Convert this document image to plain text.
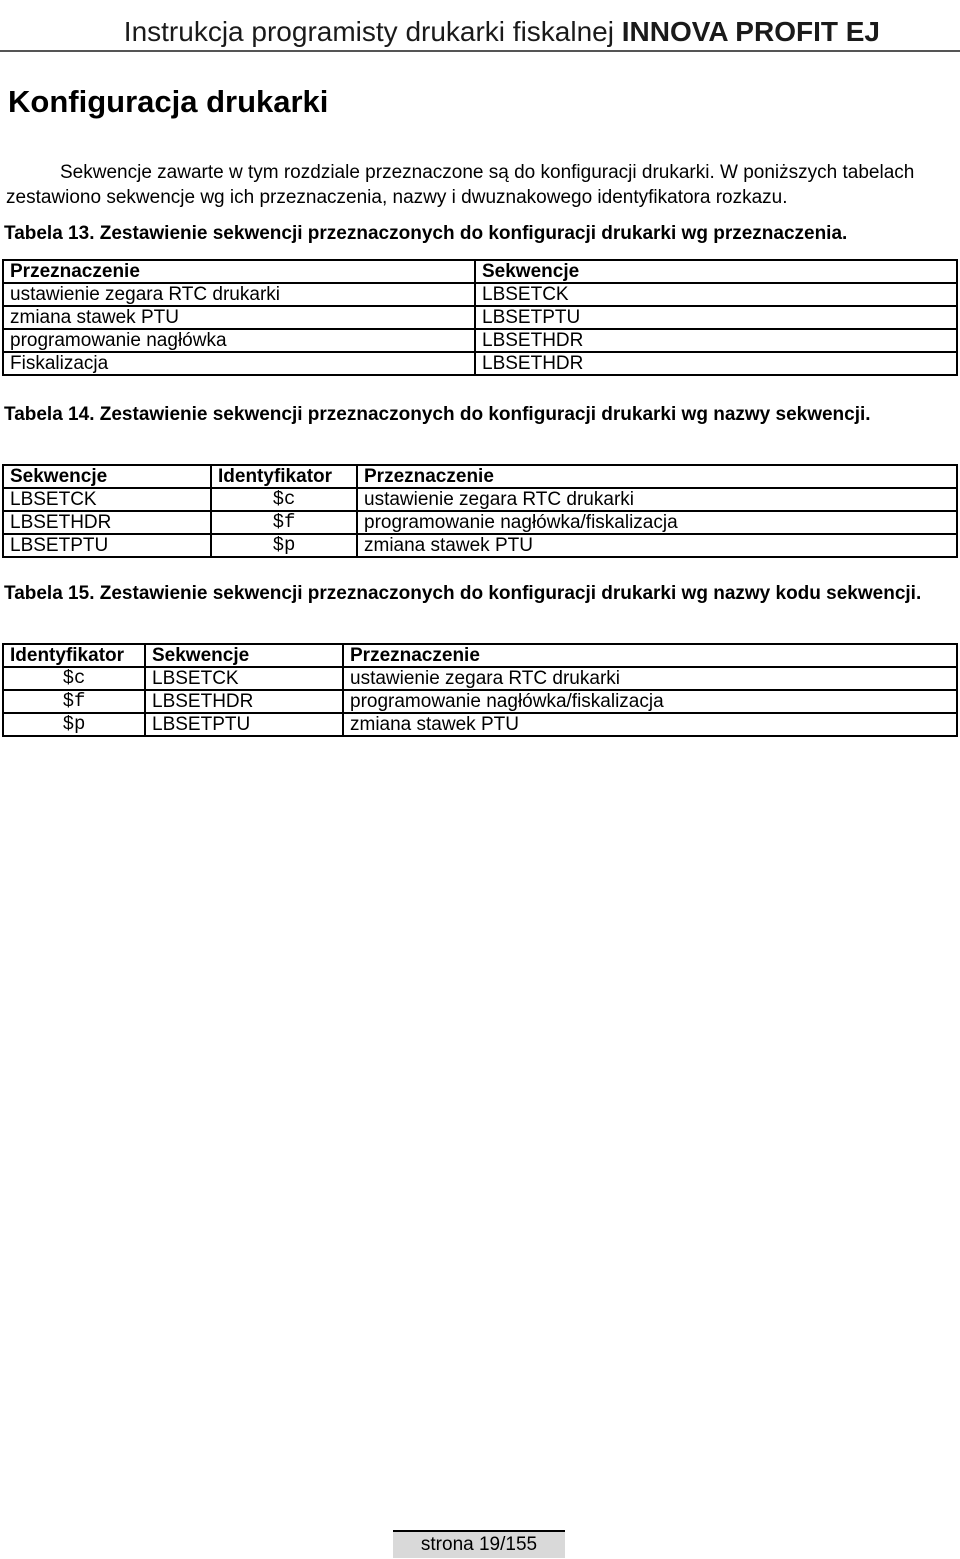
Instrukcja programisty drukarki fiskalnej INNOVA PROFIT EJ
Konfiguracja drukarki

Sekwencje zawarte w tym rozdziale przeznaczone są do konfiguracji drukarki. W poniższych tabelach zestawiono sekwencje wg ich przeznaczenia, nazwy i dwuznakowego identyfikatora rozkazu.

Tabela 13. Zestawienie sekwencji przeznaczonych do konfiguracji drukarki wg przeznaczenia.

Przeznaczenie	Sekwencje
ustawienie zegara RTC drukarki	LBSETCK
zmiana stawek PTU	LBSETPTU
programowanie nagłówka	LBSETHDR
Fiskalizacja	LBSETHDR

Tabela 14. Zestawienie sekwencji przeznaczonych do konfiguracji drukarki wg nazwy sekwencji.

Sekwencje	Identyfikator	Przeznaczenie
LBSETCK	$c	ustawienie zegara RTC drukarki
LBSETHDR	$f	programowanie nagłówka/fiskalizacja
LBSETPTU	$p	zmiana stawek PTU

Tabela 15. Zestawienie sekwencji przeznaczonych do konfiguracji drukarki wg nazwy kodu sekwencji.

Identyfikator	Sekwencje	Przeznaczenie
$c	LBSETCK	ustawienie zegara RTC drukarki
$f	LBSETHDR	programowanie nagłówka/fiskalizacja
$p	LBSETPTU	zmiana stawek PTU
strona 19/155
